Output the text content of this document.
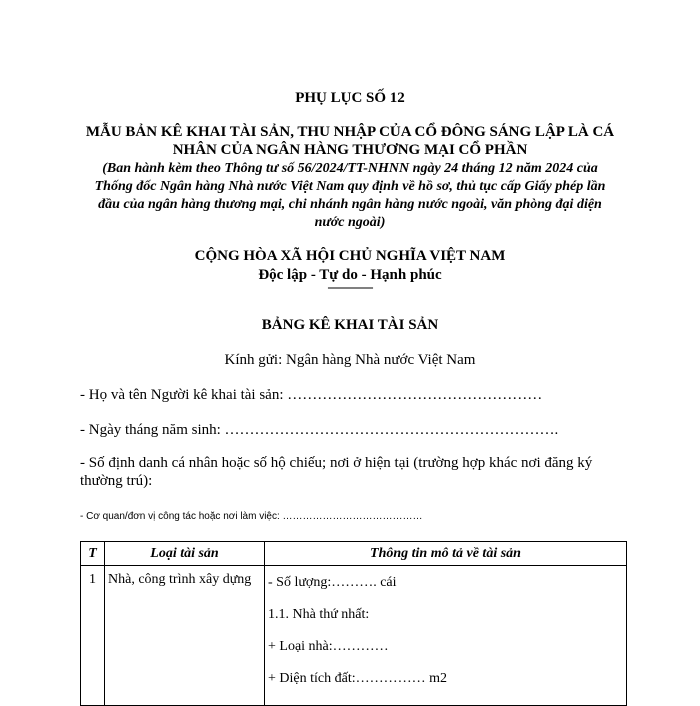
PHỤ LỤC SỐ 12
MẪU BẢN KÊ KHAI TÀI SẢN, THU NHẬP CỦA CỔ ĐÔNG SÁNG LẬP LÀ CÁ
NHÂN CỦA NGÂN HÀNG THƯƠNG MẠI CỔ PHẦN
(Ban hành kèm theo Thông tư số 56/2024/TT-NHNN ngày 24 tháng 12 năm 2024 của
Thống đốc Ngân hàng Nhà nước Việt Nam quy định về hồ sơ, thủ tục cấp Giấy phép lần
đầu của ngân hàng thương mại, chi nhánh ngân hàng nước ngoài, văn phòng đại diện
nước ngoài)
CỘNG HÒA XÃ HỘI CHỦ NGHĨA VIỆT NAM
Độc lập - Tự do - Hạnh phúc
---------------
BẢNG KÊ KHAI TÀI SẢN
Kính gửi: Ngân hàng Nhà nước Việt Nam
- Họ và tên Người kê khai tài sản: ……………………………………………
- Ngày tháng năm sinh: ………………………………………………………….
- Số định danh cá nhân hoặc số hộ chiếu; nơi ở hiện tại (trường hợp khác nơi đăng ký
thường trú):
- Cơ quan/đơn vị công tác hoặc nơi làm việc: ……………………………………
T	Loại tài sản	Thông tin mô tả về tài sản
1	Nhà, công trình xây dựng	- Số lượng:………. cái
1.1. Nhà thứ nhất:
+ Loại nhà:…………
+ Diện tích đất:…………… m2
